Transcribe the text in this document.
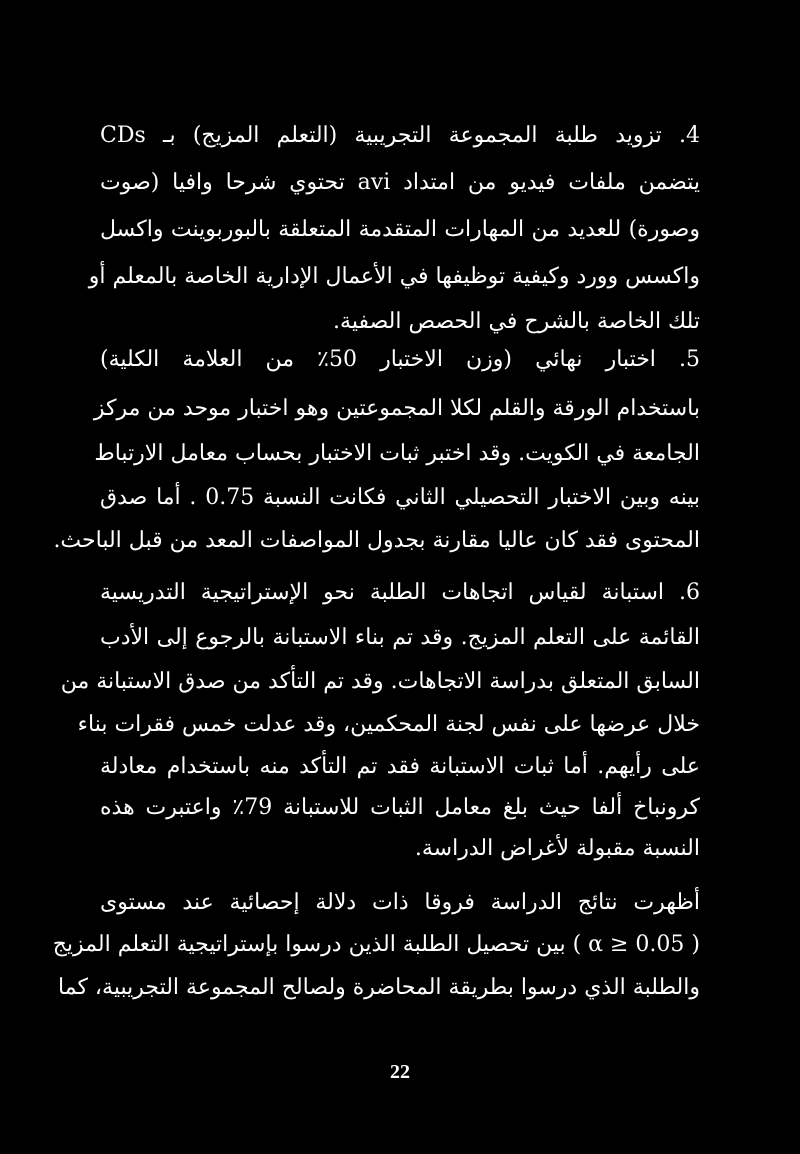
4. تزويد طلبة المجموعة التجريبية (التعلم المزيج) بـ CDs
يتضمن ملفات فيديو من امتداد avi تحتوي شرحا وافيا (صوت
وصورة) للعديد من المهارات المتقدمة المتعلقة بالبوربوينت واكسل
واكسس وورد وكيفية توظيفها في الأعمال الإدارية الخاصة بالمعلم أو
تلك الخاصة بالشرح في الحصص الصفية.
5. اختبار نهائي (وزن الاختبار 50٪ من العلامة الكلية)
باستخدام الورقة والقلم لكلا المجموعتين وهو اختبار موحد من مركز
الجامعة في الكويت. وقد اختبر ثبات الاختبار بحساب معامل الارتباط
بينه وبين الاختبار التحصيلي الثاني فكانت النسبة 0.75 . أما صدق
المحتوى فقد كان عاليا مقارنة بجدول المواصفات المعد من قبل الباحث.
6. استبانة لقياس اتجاهات الطلبة نحو الإستراتيجية التدريسية
القائمة على التعلم المزيج. وقد تم بناء الاستبانة بالرجوع إلى الأدب
السابق المتعلق بدراسة الاتجاهات. وقد تم التأكد من صدق الاستبانة من
خلال عرضها على نفس لجنة المحكمين، وقد عدلت خمس فقرات بناء
على رأيهم. أما ثبات الاستبانة فقد تم التأكد منه باستخدام معادلة
كرونباخ ألفا حيث بلغ معامل الثبات للاستبانة 79٪ واعتبرت هذه
النسبة مقبولة لأغراض الدراسة.
أظهرت نتائج الدراسة فروقا ذات دلالة إحصائية عند مستوى
( α ≥ 0.05 ) بين تحصيل الطلبة الذين درسوا بإستراتيجية التعلم المزيج
والطلبة الذي درسوا بطريقة المحاضرة ولصالح المجموعة التجريبية، كما
22
